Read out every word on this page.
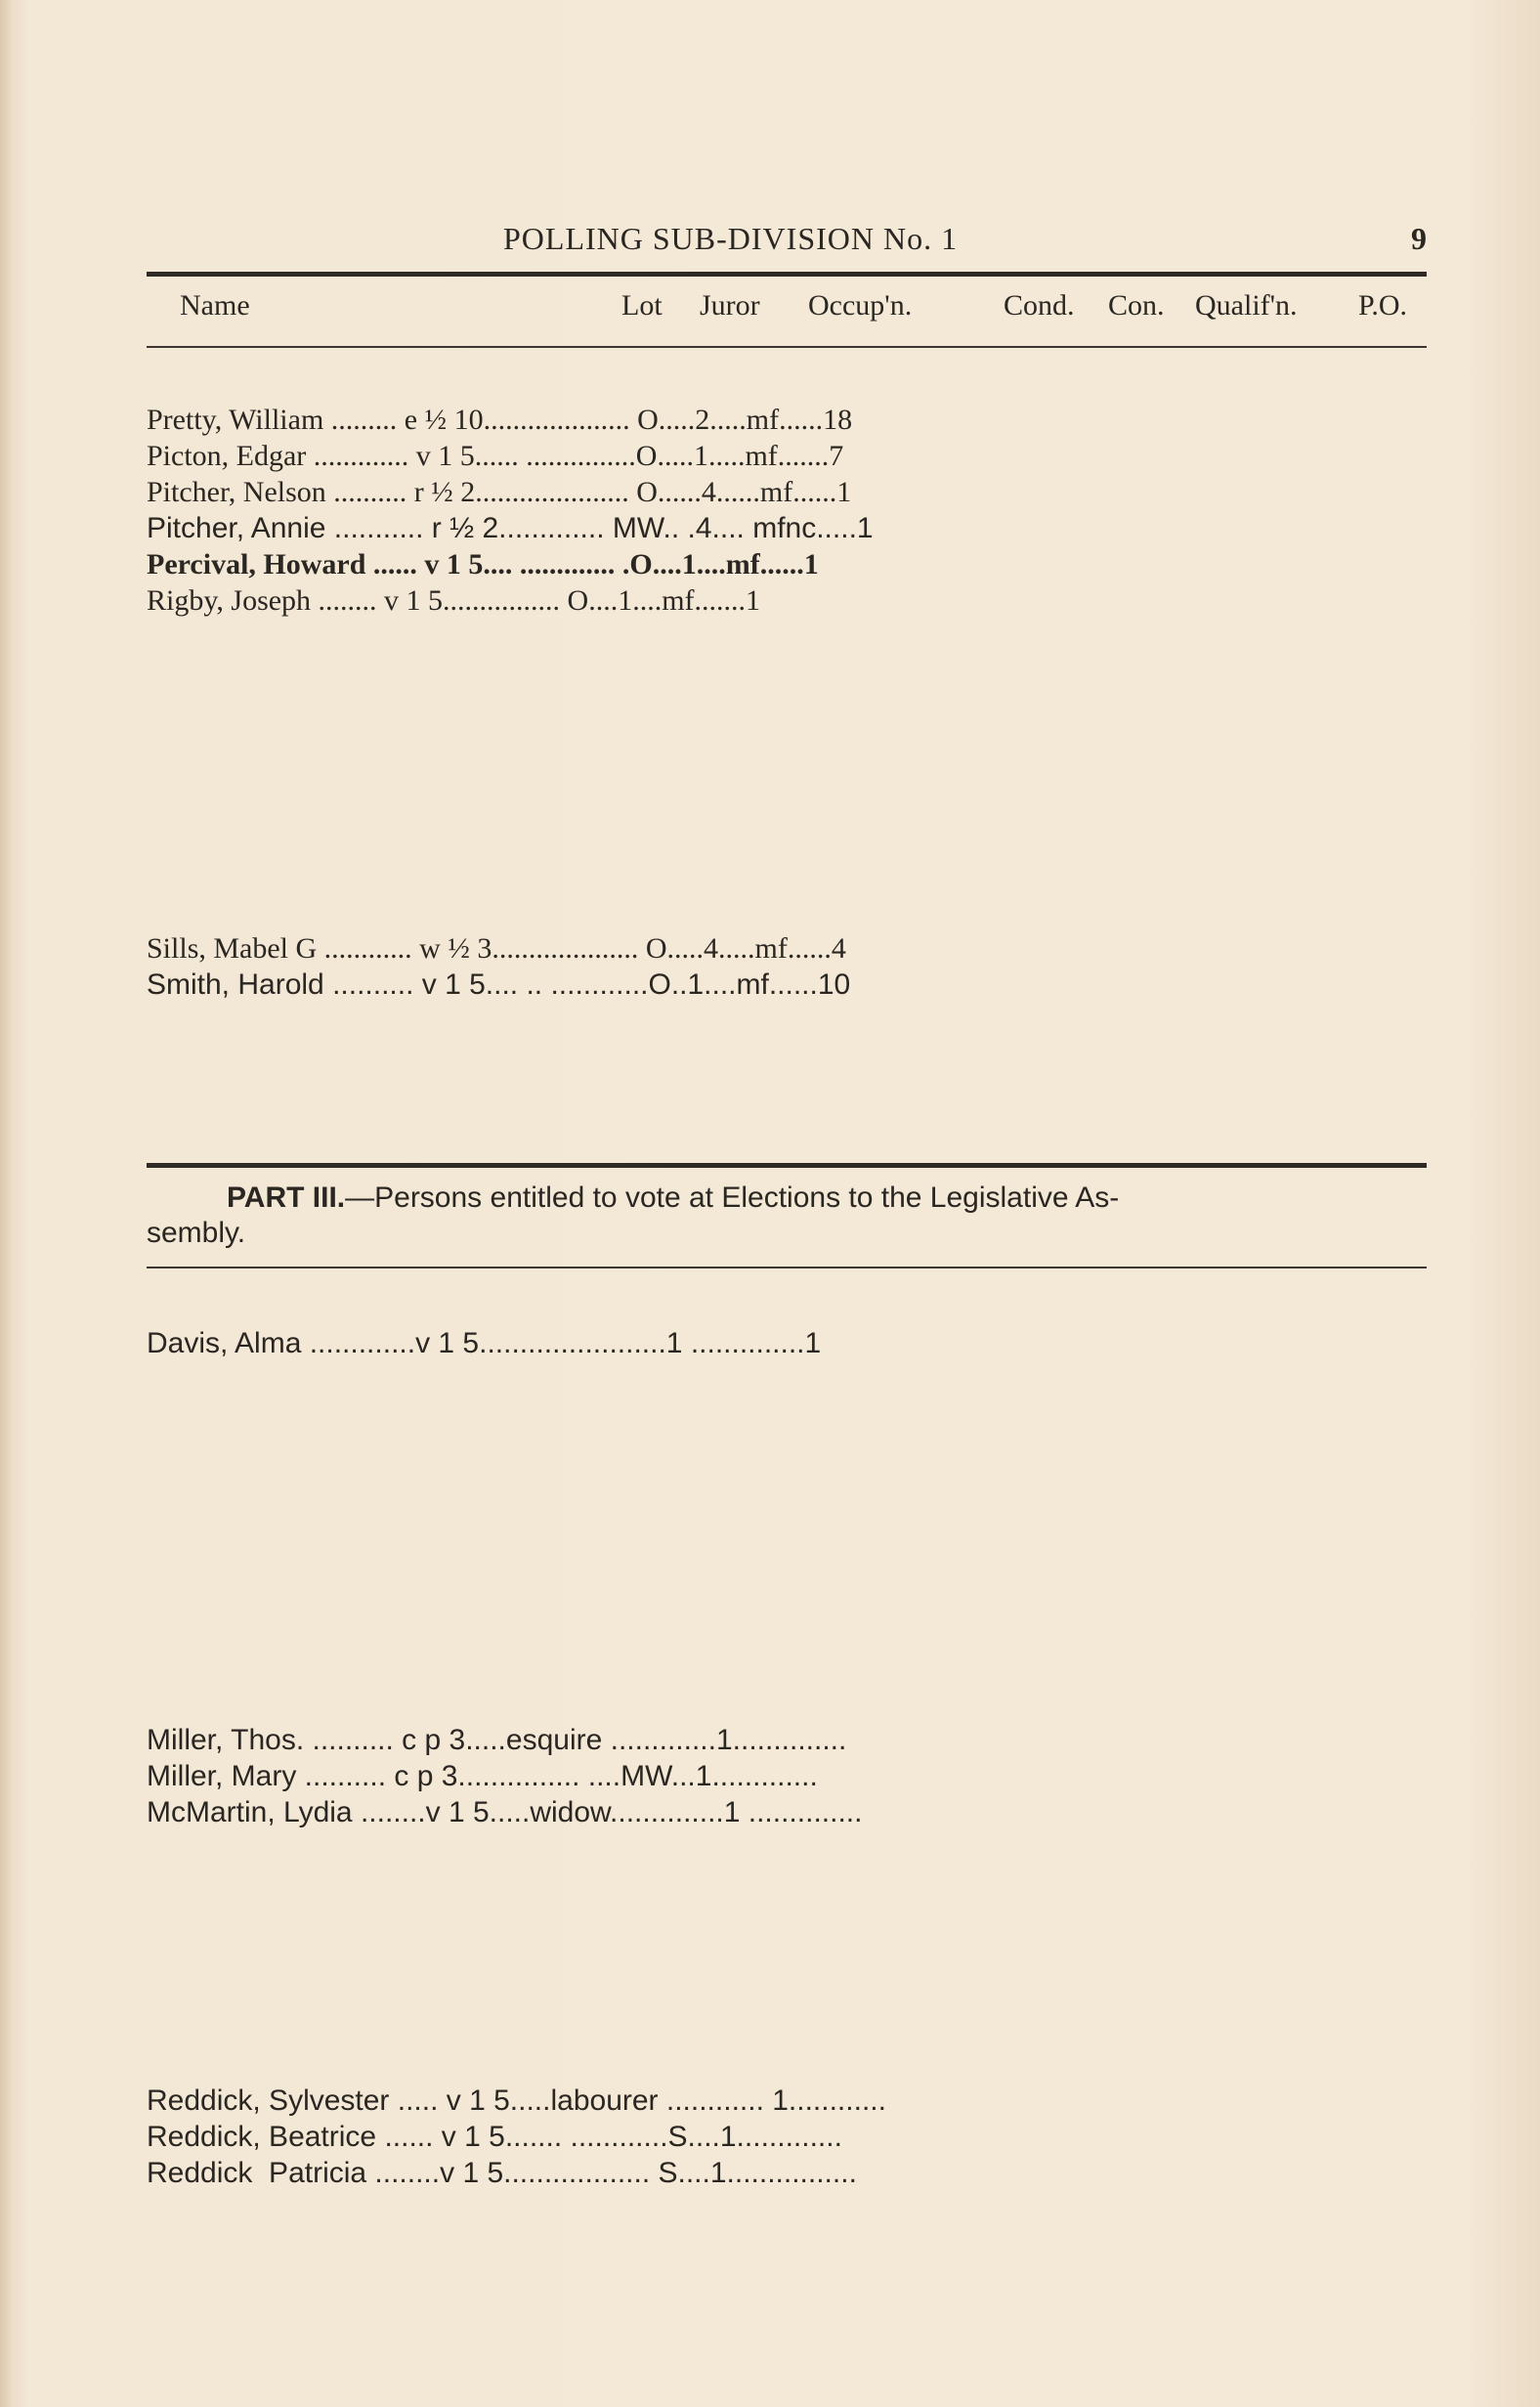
POLLING SUB-DIVISION No. 1	9
Name	Lot Juror Occup'n.	Cond. Con. Qualif'n. P.O.
Pretty, William ......... e ½ 10.................... O.....2.....mf......18
Picton, Edgar ............. v 1 5...... ...............O.....1.....mf.......7
Pitcher, Nelson .......... r ½ 2..................... O......4......mf......1
Pitcher, Annie ........... r ½ 2............. MW.. .4.... mfnc.....1
Percival, Howard ...... v 1 5.... ............. .O....1....mf......1
Rigby, Joseph ........ v 1 5................ O....1....mf.......1
Sills, Mabel G ............ w ½ 3.................... O.....4.....mf......4
Smith, Harold .......... v 1 5.... .. ............O..1....mf......10
PART III.—Persons entitled to vote at Elections to the Legislative As-
sembly.
Davis, Alma .............v 1 5.......................1 ..............1
Miller, Thos. .......... c p 3.....esquire .............1..............
Miller, Mary .......... c p 3............... ....MW...1.............
McMartin, Lydia ........v 1 5.....widow..............1 ..............
Reddick, Sylvester ..... v 1 5.....labourer ............ 1............
Reddick, Beatrice ...... v 1 5....... ............S....1.............
Reddick  Patricia ........v 1 5.................. S....1................
